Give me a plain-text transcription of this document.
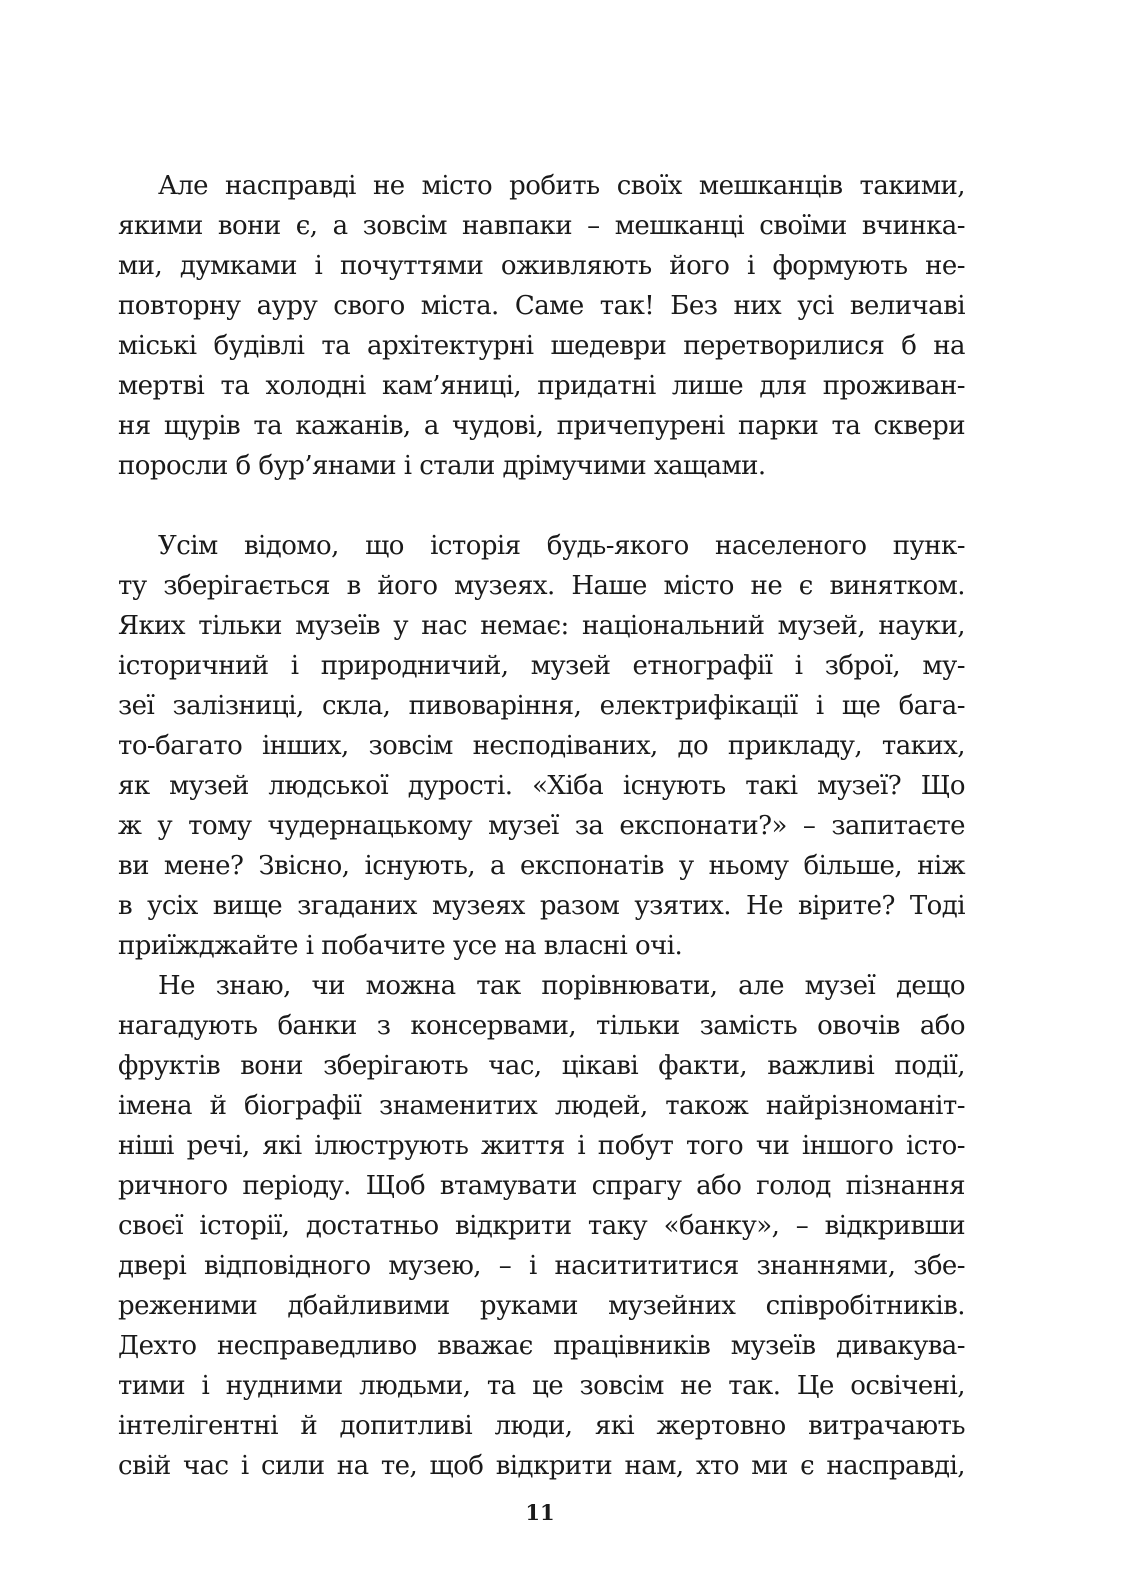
Але насправді не місто робить своїх мешканців такими,
якими вони є, а зовсім навпаки – мешканці своїми вчинка-
ми, думками і почуттями оживляють його і формують не-
повторну ауру свого міста. Саме так! Без них усі величаві
міські будівлі та архітектурні шедеври перетворилися б на
мертві та холодні кам’яниці, придатні лише для проживан-
ня щурів та кажанів, а чудові, причепурені парки та сквери
поросли б бур’янами і стали дрімучими хащами.
Усім відомо, що історія будь-якого населеного пунк-
ту зберігається в його музеях. Наше місто не є винятком.
Яких тільки музеїв у нас немає: національний музей, науки,
історичний і природничий, музей етнографії і зброї, му-
зеї залізниці, скла, пивоваріння, електрифікації і ще бага-
то-багато інших, зовсім несподіваних, до прикладу, таких,
як музей людської дурості. «Хіба існують такі музеї? Що
ж у тому чудернацькому музеї за експонати?» – запитаєте
ви мене? Звісно, існують, а експонатів у ньому більше, ніж
в усіх вище згаданих музеях разом узятих. Не вірите? Тоді
приїжджайте і побачите усе на власні очі.
Не знаю, чи можна так порівнювати, але музеї дещо
нагадують банки з консервами, тільки замість овочів або
фруктів вони зберігають час, цікаві факти, важливі події,
імена й біографії знаменитих людей, також найрізноманіт-
ніші речі, які ілюструють життя і побут того чи іншого істо-
ричного періоду. Щоб втамувати спрагу або голод пізнання
своєї історії, достатньо відкрити таку «банку», – відкривши
двері відповідного музею, – і наситититися знаннями, збе-
реженими дбайливими руками музейних співробітників.
Дехто несправедливо вважає працівників музеїв дивакува-
тими і нудними людьми, та це зовсім не так. Це освічені,
інтелігентні й допитливі люди, які жертовно витрачають
свій час і сили на те, щоб відкрити нам, хто ми є насправді,
11
